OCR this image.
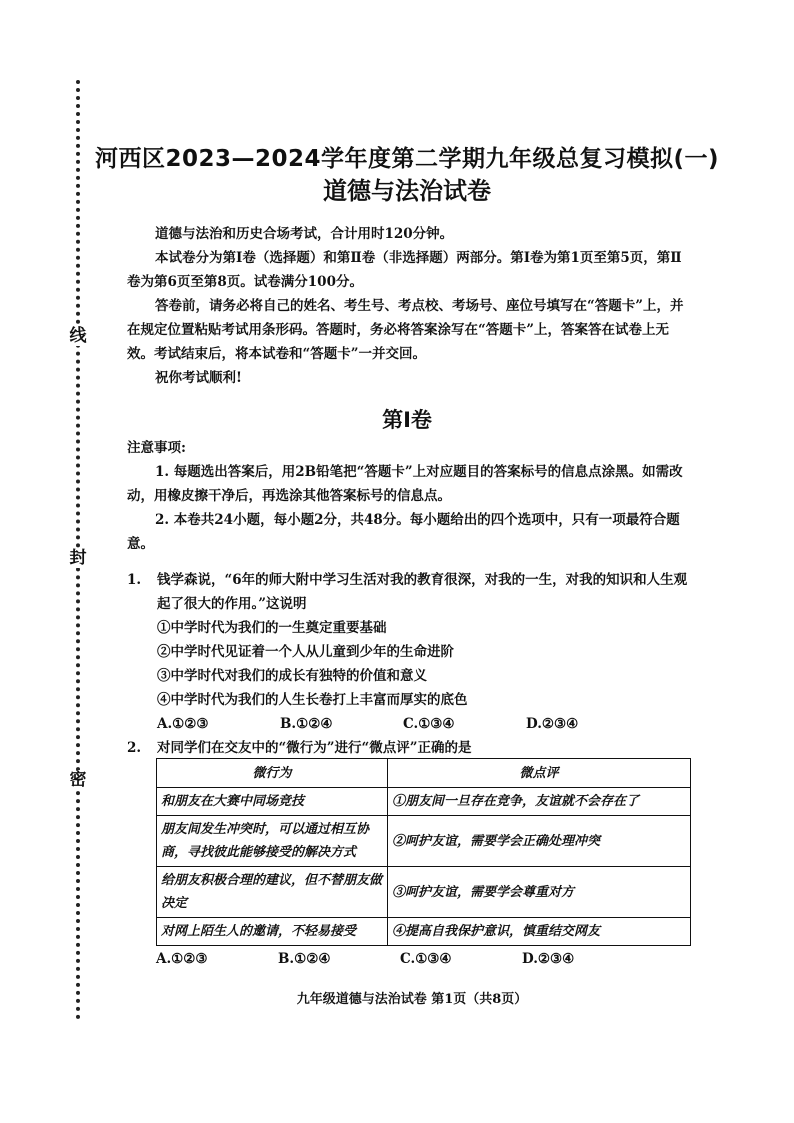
线
封
密
河西区2023—2024学年度第二学期九年级总复习模拟(一)
道德与法治试卷

道德与法治和历史合场考试，合计用时120分钟。

本试卷分为第Ⅰ卷（选择题）和第Ⅱ卷（非选择题）两部分。第Ⅰ卷为第1页至第5页，第Ⅱ卷为第6页至第8页。试卷满分100分。

答卷前，请务必将自己的姓名、考生号、考点校、考场号、座位号填写在“答题卡”上，并在规定位置粘贴考试用条形码。答题时，务必将答案涂写在“答题卡”上，答案答在试卷上无效。考试结束后，将本试卷和“答题卡”一并交回。

祝你考试顺利!

第Ⅰ卷

注意事项:

1. 每题选出答案后，用2B铅笔把“答题卡”上对应题目的答案标号的信息点涂黑。如需改动，用橡皮擦干净后，再选涂其他答案标号的信息点。

2. 本卷共24小题，每小题2分，共48分。每小题给出的四个选项中，只有一项最符合题意。

1. 钱学森说，“6年的师大附中学习生活对我的教育很深，对我的一生，对我的知识和人生观起了很大的作用。”这说明
①中学时代为我们的一生奠定重要基础
②中学时代见证着一个人从儿童到少年的生命进阶
③中学时代对我们的成长有独特的价值和意义
④中学时代为我们的人生长卷打上丰富而厚实的底色
A.①②③	B.①②④	C.①③④	D.②③④
2. 对同学们在交友中的“微行为”进行“微点评”正确的是
微行为	微点评
和朋友在大赛中同场竞技	①朋友间一旦存在竞争，友谊就不会存在了
朋友间发生冲突时，可以通过相互协商，寻找彼此能够接受的解决方式	②呵护友谊，需要学会正确处理冲突
给朋友积极合理的建议，但不替朋友做决定	③呵护友谊，需要学会尊重对方
对网上陌生人的邀请，不轻易接受	④提高自我保护意识，慎重结交网友
A.①②③	B.①②④	C.①③④	D.②③④
九年级道德与法治试卷 第1页（共8页）
